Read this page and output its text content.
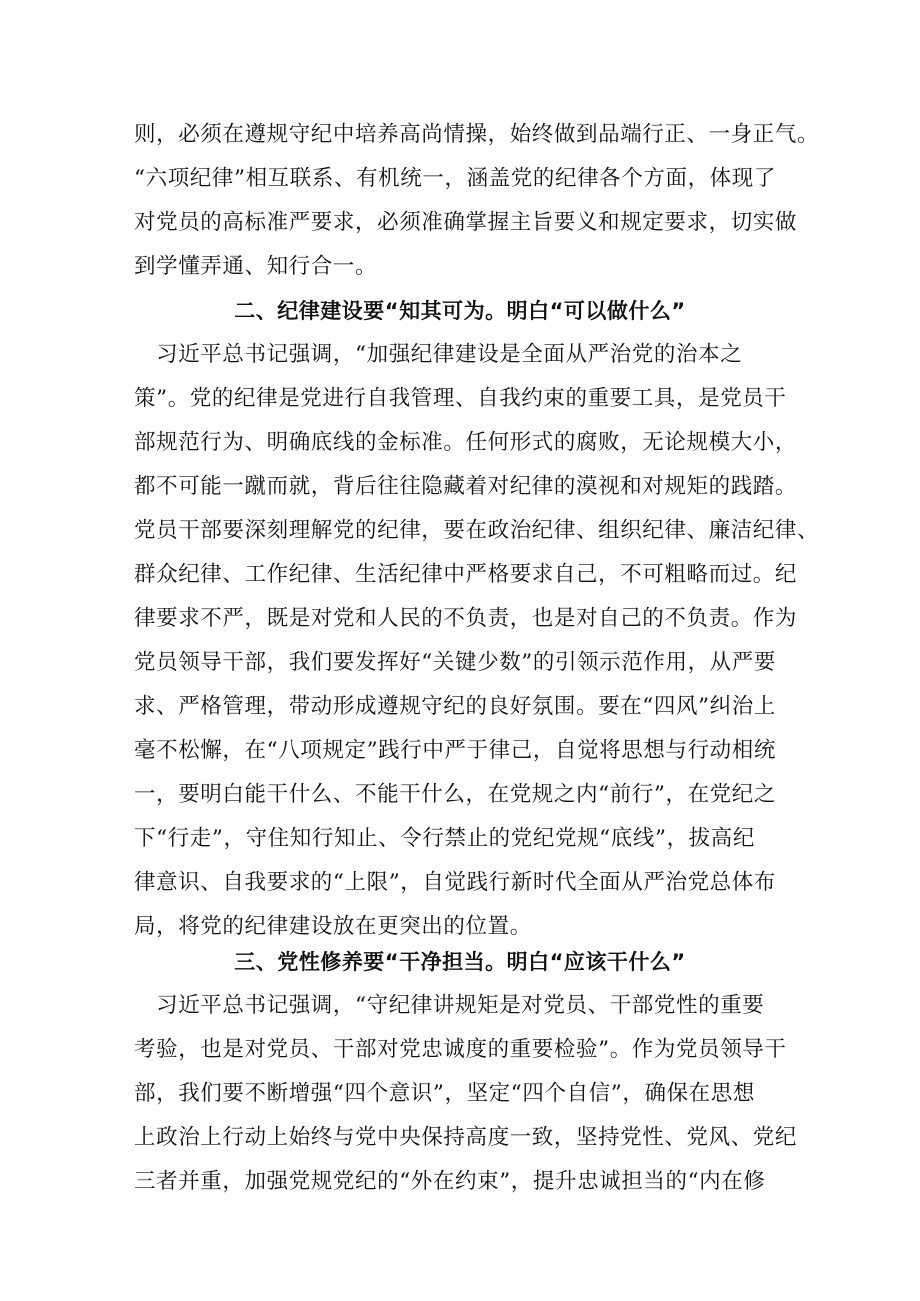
则，必须在遵规守纪中培养高尚情操，始终做到品端行正、一身正气。
“六项纪律”相互联系、有机统一，涵盖党的纪律各个方面，体现了
对党员的高标准严要求，必须准确掌握主旨要义和规定要求，切实做
到学懂弄通、知行合一。
二、纪律建设要“知其可为。明白“可以做什么”
　习近平总书记强调，“加强纪律建设是全面从严治党的治本之
策”。党的纪律是党进行自我管理、自我约束的重要工具，是党员干
部规范行为、明确底线的金标准。任何形式的腐败，无论规模大小，
都不可能一蹴而就，背后往往隐藏着对纪律的漠视和对规矩的践踏。
党员干部要深刻理解党的纪律，要在政治纪律、组织纪律、廉洁纪律、
群众纪律、工作纪律、生活纪律中严格要求自己，不可粗略而过。纪
律要求不严，既是对党和人民的不负责，也是对自己的不负责。作为
党员领导干部，我们要发挥好“关键少数”的引领示范作用，从严要
求、严格管理，带动形成遵规守纪的良好氛围。要在“四风”纠治上
毫不松懈，在“八项规定”践行中严于律己，自觉将思想与行动相统
一，要明白能干什么、不能干什么，在党规之内“前行”，在党纪之
下“行走”，守住知行知止、令行禁止的党纪党规“底线”，拔高纪
律意识、自我要求的“上限”，自觉践行新时代全面从严治党总体布
局，将党的纪律建设放在更突出的位置。
三、党性修养要“干净担当。明白“应该干什么”
　习近平总书记强调，“守纪律讲规矩是对党员、干部党性的重要
考验，也是对党员、干部对党忠诚度的重要检验”。作为党员领导干
部，我们要不断增强“四个意识”，坚定“四个自信”，确保在思想
上政治上行动上始终与党中央保持高度一致，坚持党性、党风、党纪
三者并重，加强党规党纪的“外在约束”，提升忠诚担当的“内在修
